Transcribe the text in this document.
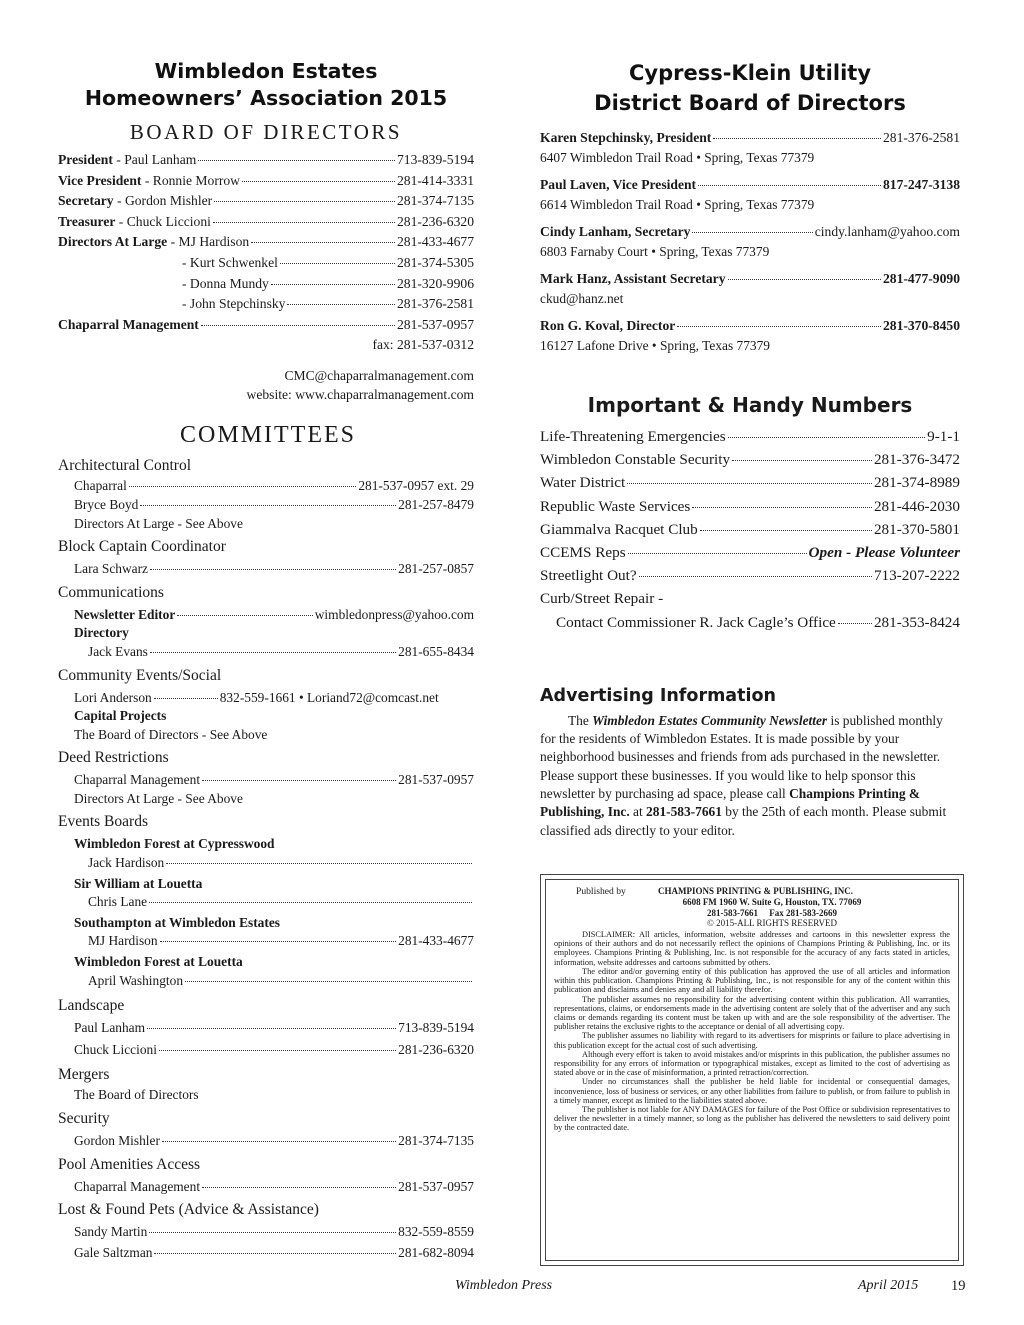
Wimbledon Estates
Homeowners’ Association 2015
BOARD OF DIRECTORS
President - Paul Lanham	713-839-5194
Vice President - Ronnie Morrow	281-414-3331
Secretary - Gordon Mishler	281-374-7135
Treasurer - Chuck Liccioni	281-236-6320
Directors At Large - MJ Hardison	281-433-4677
- Kurt Schwenkel	281-374-5305
- Donna Mundy	281-320-9906
- John Stepchinsky	281-376-2581
Chaparral Management	281-537-0957
fax: 281-537-0312
CMC@chaparralmanagement.com
website: www.chaparralmanagement.com
COMMITTEES
Architectural Control
Chaparral	281-537-0957 ext. 29
Bryce Boyd	281-257-8479
Directors At Large - See Above
Block Captain Coordinator
Lara Schwarz	281-257-0857
Communications
Newsletter Editor	wimbledonpress@yahoo.com
Directory
Jack Evans	281-655-8434
Community Events/Social
Lori Anderson	832-559-1661 • Loriand72@comcast.net
Capital Projects
The Board of Directors - See Above
Deed Restrictions
Chaparral Management	281-537-0957
Directors At Large - See Above
Events Boards
Wimbledon Forest at Cypresswood
Jack Hardison
Sir William at Louetta
Chris Lane
Southampton at Wimbledon Estates
MJ Hardison	281-433-4677
Wimbledon Forest at Louetta
April Washington
Landscape
Paul Lanham	713-839-5194
Chuck Liccioni	281-236-6320
Mergers
The Board of Directors
Security
Gordon Mishler	281-374-7135
Pool Amenities Access
Chaparral Management	281-537-0957
Lost & Found Pets (Advice & Assistance)
Sandy Martin	832-559-8559
Gale Saltzman	281-682-8094
Cypress-Klein Utility
District Board of Directors
Karen Stepchinsky, President	281-376-2581
6407 Wimbledon Trail Road • Spring, Texas 77379
Paul Laven, Vice President	817-247-3138
6614 Wimbledon Trail Road • Spring, Texas 77379
Cindy Lanham, Secretary	cindy.lanham@yahoo.com
6803 Farnaby Court • Spring, Texas 77379
Mark Hanz, Assistant Secretary	281-477-9090
ckud@hanz.net
Ron G. Koval, Director	281-370-8450
16127 Lafone Drive • Spring, Texas 77379
Important & Handy Numbers
Life-Threatening Emergencies	9-1-1
Wimbledon Constable Security	281-376-3472
Water District	281-374-8989
Republic Waste Services	281-446-2030
Giammalva Racquet Club	281-370-5801
CCEMS Reps	Open - Please Volunteer
Streetlight Out?	713-207-2222
Curb/Street Repair -
Contact Commissioner R. Jack Cagle’s Office	281-353-8424
Advertising Information

The Wimbledon Estates Community Newsletter is published monthly for the residents of Wimbledon Estates. It is made possible by your neighborhood businesses and friends from ads purchased in the newsletter. Please support these businesses. If you would like to help sponsor this newsletter by purchasing ad space, please call Champions Printing & Publishing, Inc. at 281-583-7661 by the 25th of each month. Please submit classified ads directly to your editor.

Published by	CHAMPIONS PRINTING & PUBLISHING, INC.
6608 FM 1960 W. Suite G, Houston, TX. 77069
281-583-7661     Fax 281-583-2669
© 2015-ALL RIGHTS RESERVED

DISCLAIMER: All articles, information, website addresses and cartoons in this newsletter express the opinions of their authors and do not necessarily reflect the opinions of Champions Printing & Publishing, Inc. or its employees. Champions Printing & Publishing, Inc. is not responsible for the accuracy of any facts stated in articles, information, website addresses and cartoons submitted by others.

The editor and/or governing entity of this publication has approved the use of all articles and information within this publication. Champions Printing & Publishing, Inc., is not responsible for any of the content within this publication and disclaims and denies any and all liability therefor.

The publisher assumes no responsibility for the advertising content within this publication. All warranties, representations, claims, or endorsements made in the advertising content are solely that of the advertiser and any such claims or demands regarding its content must be taken up with and are the sole responsibility of the advertiser. The publisher retains the exclusive rights to the acceptance or denial of all advertising copy.

The publisher assumes no liability with regard to its advertisers for misprints or failure to place advertising in this publication except for the actual cost of such advertising.

Although every effort is taken to avoid mistakes and/or misprints in this publication, the publisher assumes no responsibility for any errors of information or typographical mistakes, except as limited to the cost of advertising as stated above or in the case of misinformation, a printed retraction/correction.

Under no circumstances shall the publisher be held liable for incidental or consequential damages, inconvenience, loss of business or services, or any other liabilities from failure to publish, or from failure to publish in a timely manner, except as limited to the liabilities stated above.

The publisher is not liable for ANY DAMAGES for failure of the Post Office or subdivision representatives to deliver the newsletter in a timely manner, so long as the publisher has delivered the newsletters to said delivery point by the contracted date.

Wimbledon Press	April 2015 19
